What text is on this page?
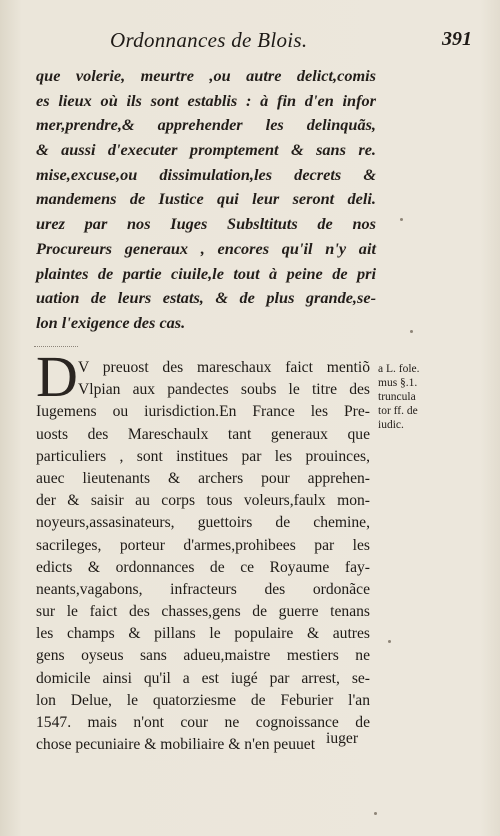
Ordonnances de Blois.	391
que volerie, meurtre ,ou autre delict,comis
es lieux où ils sont establis : à fin d'en infor
mer,prendre,& apprehender les delinquãs,
& aussi d'executer promptement & sans re.
mise,excuse,ou dissimulation,les decrets &
mandemens de Iustice qui leur seront deli.
urez par nos Iuges Subsltituts de nos
Procureurs generaux , encores qu'il n'y ait
plaintes de partie ciuile,le tout à peine de pri
uation de leurs estats, & de plus grande,se-
lon l'exigence des cas.
D V preuost des mareschaux faict mentiõ
Vlpian aux pandectes soubs le titre des
Iugemens ou iurisdiction.En France les Pre-
uosts des Mareschaulx tant generaux que
particuliers , sont institues par les prouinces,
auec lieutenants & archers pour apprehen-
der & saisir au corps tous voleurs,faulx mon-
noyeurs,assasinateurs, guettoirs de chemine,
sacrileges, porteur d'armes,prohibees par les
edicts & ordonnances de ce Royaume fay-
neants,vagabons, infracteurs des ordonãce
sur le faict des chasses,gens de guerre tenans
les champs & pillans le populaire & autres
gens oyseus sans adueu,maistre mestiers ne
domicile ainsi qu'il a est iugé par arrest, se-
lon Delue, le quatorziesme de Feburier l'an
1547. mais n'ont cour ne cognoissance de
chose pecuniaire & mobiliaire & n'en peuuet iuger
a L. fole.
mus §.1.
truncula
tor ff. de
iudic.
